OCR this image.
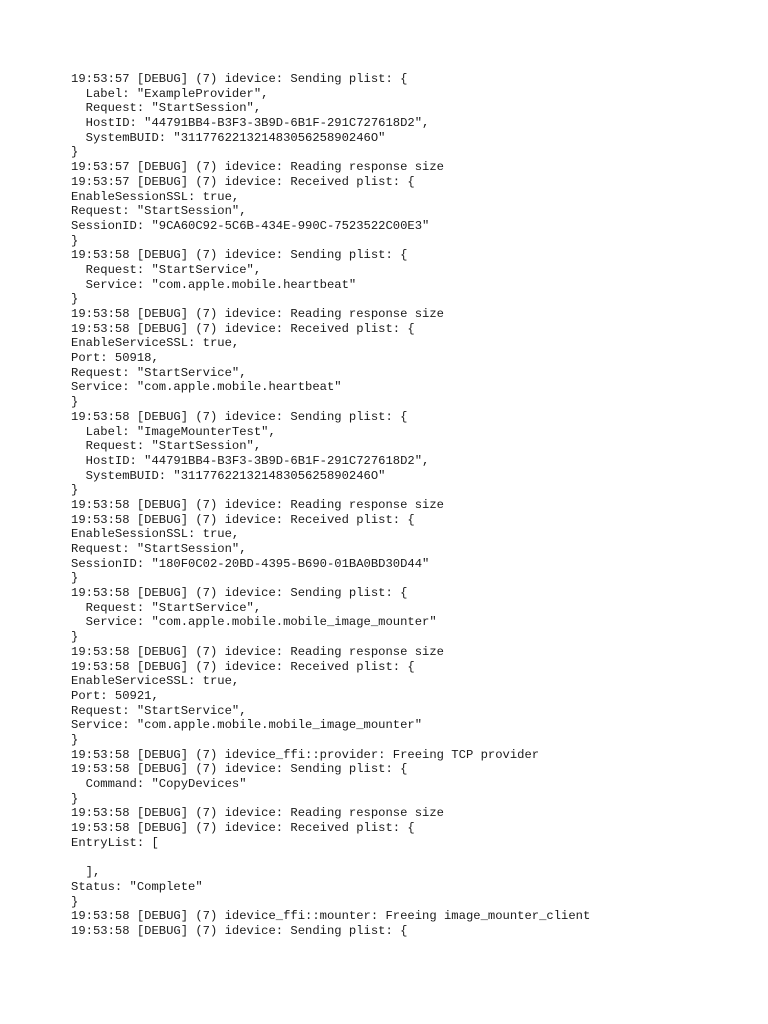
19:53:57 [DEBUG] (7) idevice: Sending plist: {
Label: "ExampleProvider",
Request: "StartSession",
HostID: "44791BB4-B3F3-3B9D-6B1F-291C727618D2",
SystemBUID: "31177622132148305625890246O"
}
19:53:57 [DEBUG] (7) idevice: Reading response size
19:53:57 [DEBUG] (7) idevice: Received plist: {
EnableSessionSSL: true,
Request: "StartSession",
SessionID: "9CA60C92-5C6B-434E-990C-7523522C00E3"
}
19:53:58 [DEBUG] (7) idevice: Sending plist: {
Request: "StartService",
Service: "com.apple.mobile.heartbeat"
}
19:53:58 [DEBUG] (7) idevice: Reading response size
19:53:58 [DEBUG] (7) idevice: Received plist: {
EnableServiceSSL: true,
Port: 50918,
Request: "StartService",
Service: "com.apple.mobile.heartbeat"
}
19:53:58 [DEBUG] (7) idevice: Sending plist: {
Label: "ImageMounterTest",
Request: "StartSession",
HostID: "44791BB4-B3F3-3B9D-6B1F-291C727618D2",
SystemBUID: "31177622132148305625890246O"
}
19:53:58 [DEBUG] (7) idevice: Reading response size
19:53:58 [DEBUG] (7) idevice: Received plist: {
EnableSessionSSL: true,
Request: "StartSession",
SessionID: "180F0C02-20BD-4395-B690-01BA0BD30D44"
}
19:53:58 [DEBUG] (7) idevice: Sending plist: {
Request: "StartService",
Service: "com.apple.mobile.mobile_image_mounter"
}
19:53:58 [DEBUG] (7) idevice: Reading response size
19:53:58 [DEBUG] (7) idevice: Received plist: {
EnableServiceSSL: true,
Port: 50921,
Request: "StartService",
Service: "com.apple.mobile.mobile_image_mounter"
}
19:53:58 [DEBUG] (7) idevice_ffi::provider: Freeing TCP provider
19:53:58 [DEBUG] (7) idevice: Sending plist: {
Command: "CopyDevices"
}
19:53:58 [DEBUG] (7) idevice: Reading response size
19:53:58 [DEBUG] (7) idevice: Received plist: {
EntryList: [
],
Status: "Complete"
}
19:53:58 [DEBUG] (7) idevice_ffi::mounter: Freeing image_mounter_client
19:53:58 [DEBUG] (7) idevice: Sending plist: {
